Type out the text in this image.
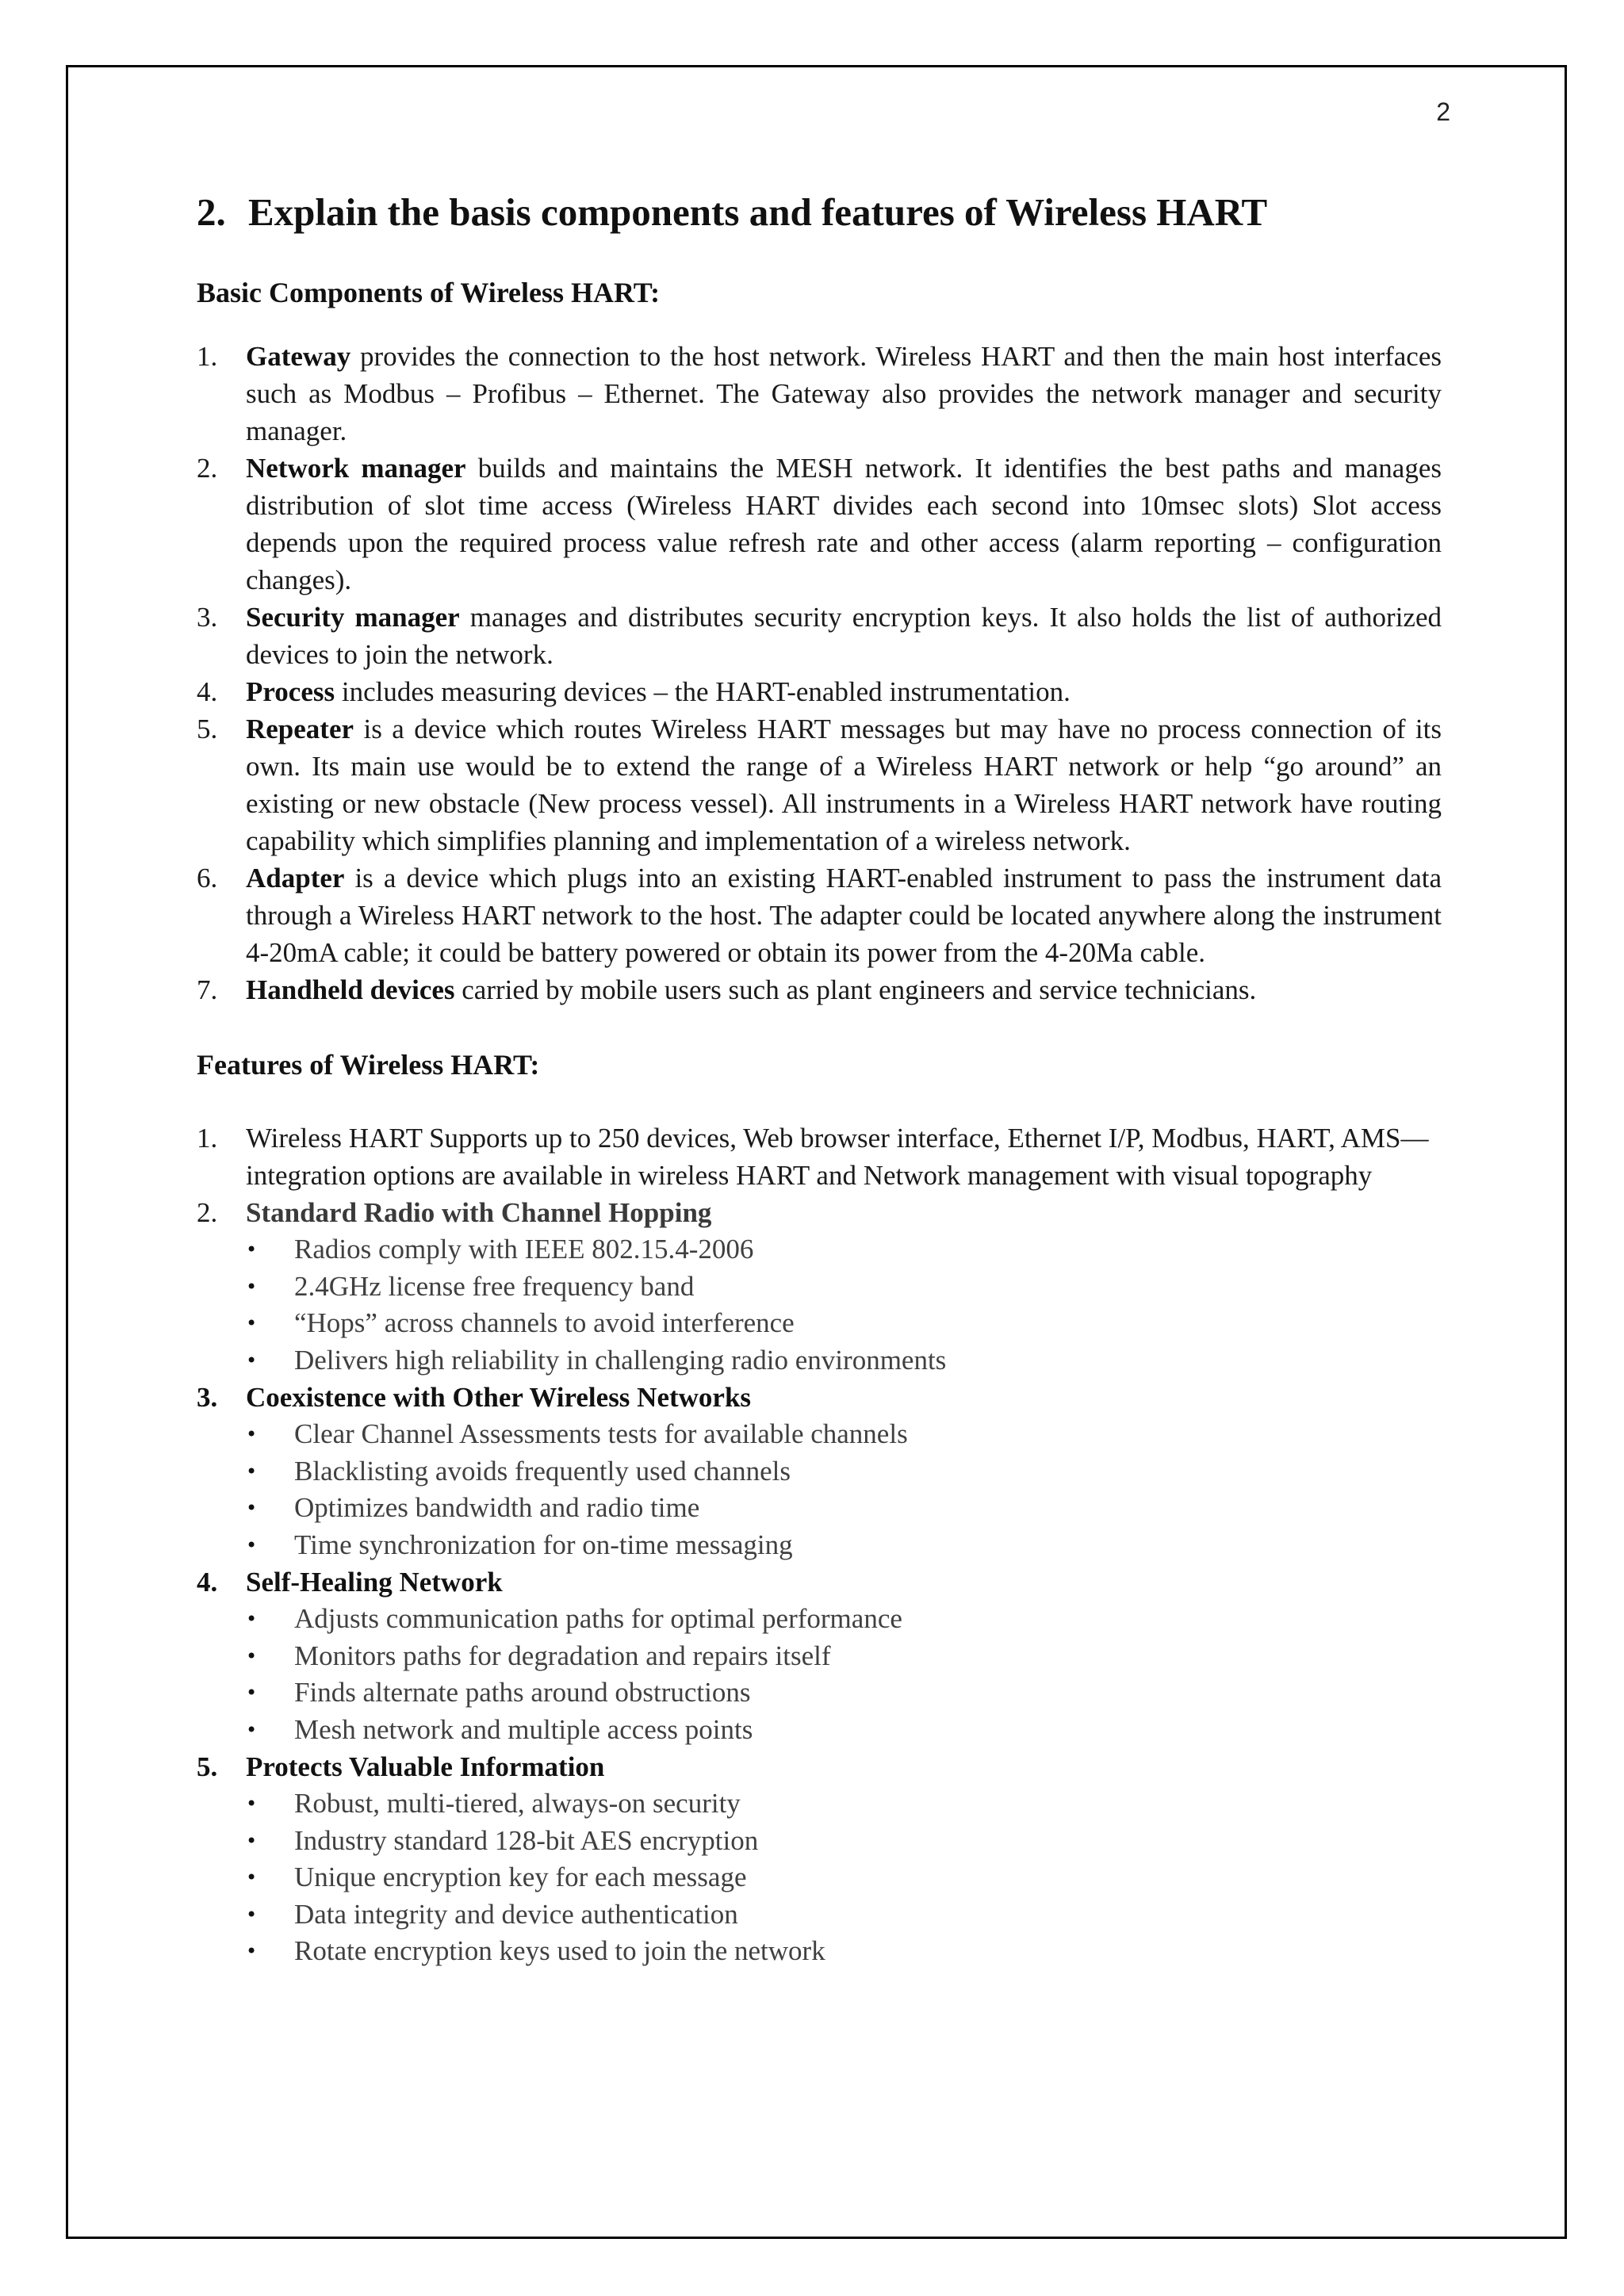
2
2. Explain the basis components and features of Wireless HART
Basic Components of Wireless HART:
1. Gateway provides the connection to the host network. Wireless HART and then the main host interfaces such as Modbus – Profibus – Ethernet. The Gateway also provides the network manager and security manager.
2. Network manager builds and maintains the MESH network. It identifies the best paths and manages distribution of slot time access (Wireless HART divides each second into 10msec slots) Slot access depends upon the required process value refresh rate and other access (alarm reporting – configuration changes).
3. Security manager manages and distributes security encryption keys. It also holds the list of authorized devices to join the network.
4. Process includes measuring devices – the HART-enabled instrumentation.
5. Repeater is a device which routes Wireless HART messages but may have no process connection of its own. Its main use would be to extend the range of a Wireless HART network or help “go around” an existing or new obstacle (New process vessel). All instruments in a Wireless HART network have routing capability which simplifies planning and implementation of a wireless network.
6. Adapter is a device which plugs into an existing HART-enabled instrument to pass the instrument data through a Wireless HART network to the host. The adapter could be located anywhere along the instrument 4-20mA cable; it could be battery powered or obtain its power from the 4-20Ma cable.
7. Handheld devices carried by mobile users such as plant engineers and service technicians.
Features of Wireless HART:
1. Wireless HART Supports up to 250 devices, Web browser interface, Ethernet I/P, Modbus, HART, AMS—integration options are available in wireless HART and Network management with visual topography
2. Standard Radio with Channel Hopping
• Radios comply with IEEE 802.15.4-2006
• 2.4GHz license free frequency band
• “Hops” across channels to avoid interference
• Delivers high reliability in challenging radio environments
3. Coexistence with Other Wireless Networks
• Clear Channel Assessments tests for available channels
• Blacklisting avoids frequently used channels
• Optimizes bandwidth and radio time
• Time synchronization for on-time messaging
4. Self-Healing Network
• Adjusts communication paths for optimal performance
• Monitors paths for degradation and repairs itself
• Finds alternate paths around obstructions
• Mesh network and multiple access points
5. Protects Valuable Information
• Robust, multi-tiered, always-on security
• Industry standard 128-bit AES encryption
• Unique encryption key for each message
• Data integrity and device authentication
• Rotate encryption keys used to join the network
